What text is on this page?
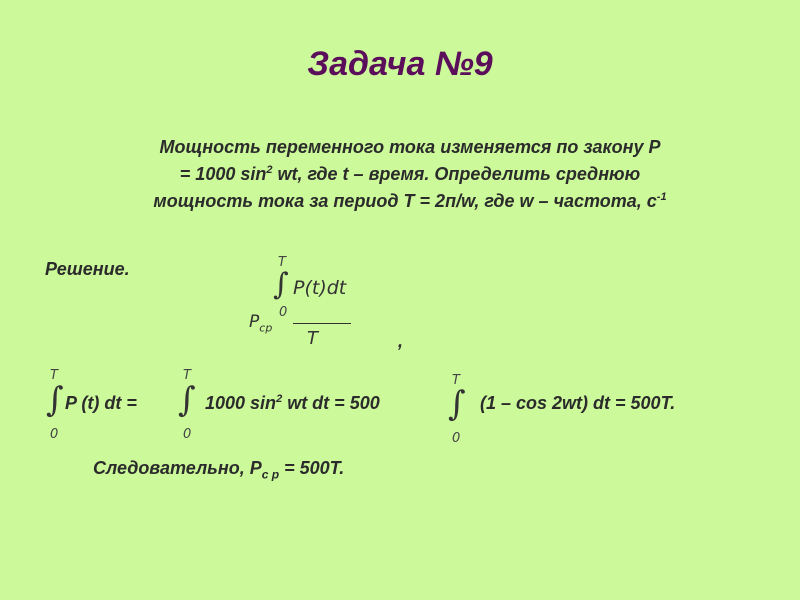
Задача №9
Мощность переменного тока изменяется по закону P
= 1000 $\sin^2$ wt, где t – время. Определить среднюю
мощность тока за период T = 2п/w, где w – частота, $с^{-1}$
Решение.	T
∫ P(t)dt
0
$P_{ср}$
T	,
T
∫
0
P (t) dt =
T
∫
0
1000 $\sin^2$ wt dt = 500
T
∫
0
(1 – cos 2wt) dt = 500T.
Следовательно, $P_{с р} = 500T$.
